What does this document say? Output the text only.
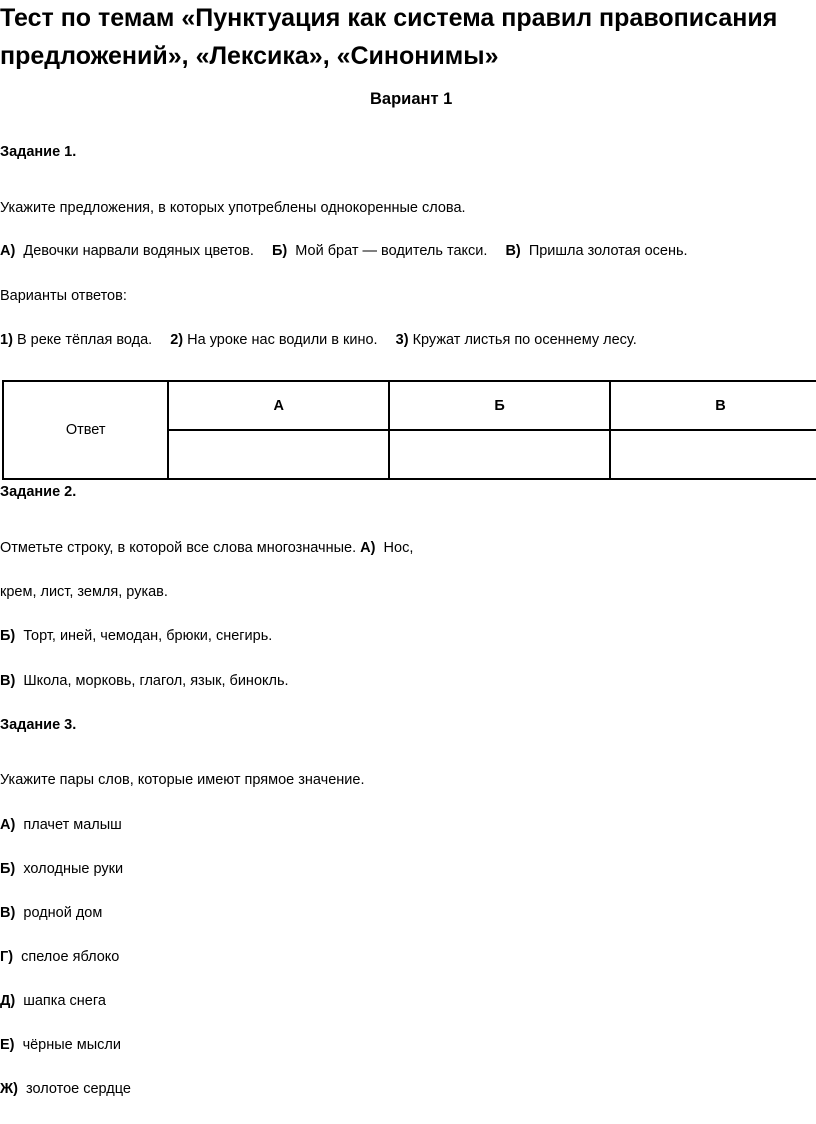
Тест по темам «Пунктуация как система правил правописания
предложений», «Лексика», «Синонимы»
Вариант 1
Задание 1.
Укажите предложения, в которых употреблены однокоренные слова.
А) Девочки нарвали водяных цветов. Б) Мой брат — водитель такси. В) Пришла золотая осень.
Варианты ответов:
1) В реке тёплая вода. 2) На уроке нас водили в кино. 3) Кружат листья по осеннему лесу.
Ответ	А	Б	В

Задание 2.
Отметьте строку, в которой все слова многозначные. А) Нос,
крем, лист, земля, рукав.
Б) Торт, иней, чемодан, брюки, снегирь.
В) Школа, морковь, глагол, язык, бинокль.
Задание 3.
Укажите пары слов, которые имеют прямое значение.
А) плачет малыш
Б) холодные руки
В) родной дом
Г) спелое яблоко
Д) шапка снега
Е) чёрные мысли
Ж) золотое сердце
